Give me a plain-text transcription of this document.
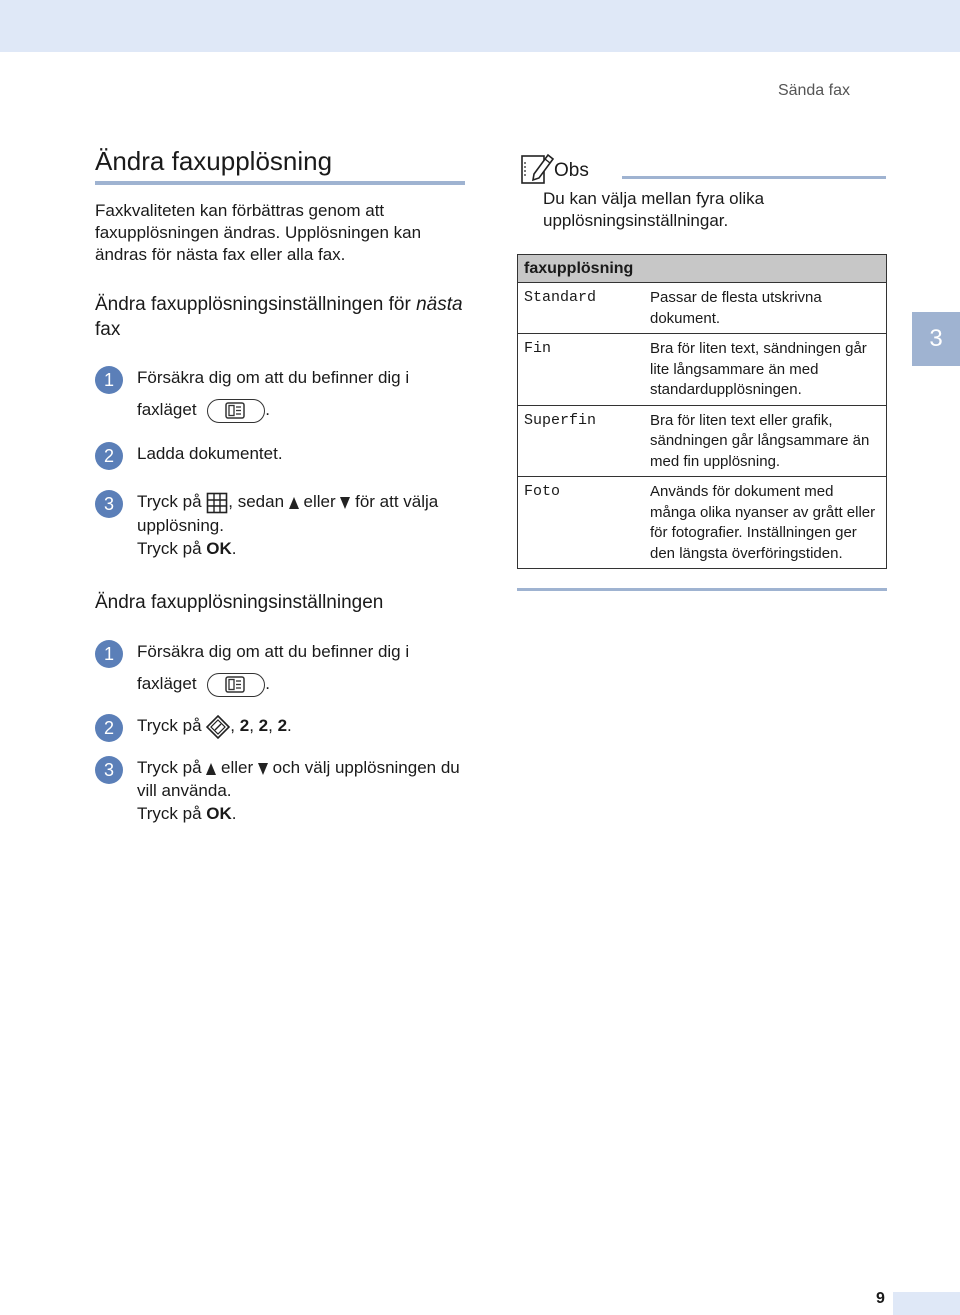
Sända fax
Ändra faxupplösning
Faxkvaliteten kan förbättras genom att faxupplösningen ändras. Upplösningen kan ändras för nästa fax eller alla fax.
Ändra faxupplösningsinställningen för nästa fax
1	Försäkra dig om att du befinner dig i
faxläget	.
2	Ladda dokumentet.
3	Tryck på , sedan eller för att välja upplösning.
Tryck på OK.
Ändra faxupplösningsinställningen
1	Försäkra dig om att du befinner dig i
faxläget	.
2	Tryck på , 2, 2, 2.
3	Tryck på eller och välj upplösningen du vill använda.
Tryck på OK.
Obs
Du kan välja mellan fyra olika upplösningsinställningar.
faxupplösning	
Standard	Passar de flesta utskrivna dokument.
Fin	Bra för liten text, sändningen går lite långsammare än med standardupplösningen.
Superfin	Bra för liten text eller grafik, sändningen går långsammare än med fin upplösning.
Foto	Används för dokument med många olika nyanser av grått eller för fotografier. Inställningen ger den längsta överföringstiden.
3
9
